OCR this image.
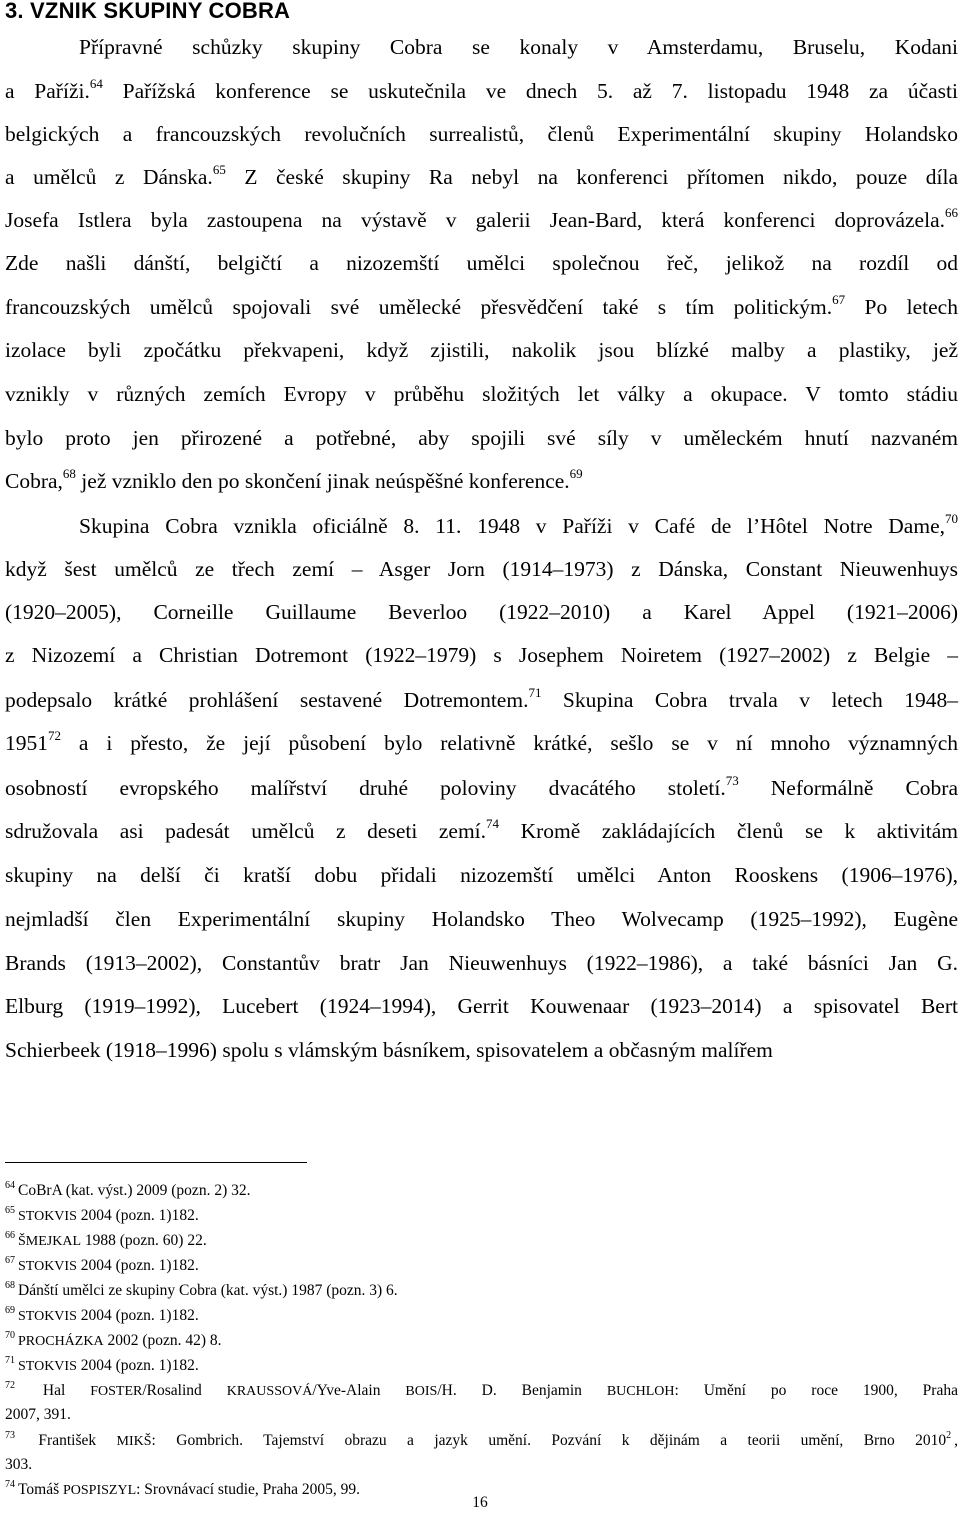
3. VZNIK SKUPINY COBRA
Přípravné schůzky skupiny Cobra se konaly v Amsterdamu, Bruselu, Kodani
a Paříži.$^{64}$ Pařížská konference se uskutečnila ve dnech 5. až 7. listopadu 1948 za účasti
belgických a francouzských revolučních surrealistů, členů Experimentální skupiny Holandsko
a umělců z Dánska.$^{65}$ Z české skupiny Ra nebyl na konferenci přítomen nikdo, pouze díla
Josefa Istlera byla zastoupena na výstavě v galerii Jean-Bard, která konferenci doprovázela.$^{66}$
Zde našli dánští, belgičtí a nizozemští umělci společnou řeč, jelikož na rozdíl od
francouzských umělců spojovali své umělecké přesvědčení také s tím politickým.$^{67}$ Po letech
izolace byli zpočátku překvapeni, když zjistili, nakolik jsou blízké malby a plastiky, jež
vznikly v různých zemích Evropy v průběhu složitých let války a okupace. V tomto stádiu
bylo proto jen přirozené a potřebné, aby spojili své síly v uměleckém hnutí nazvaném
Cobra,$^{68}$ jež vzniklo den po skončení jinak neúspěšné konference.$^{69}$
Skupina Cobra vznikla oficiálně 8. 11. 1948 v Paříži v Café de l’Hôtel Notre Dame,$^{70}$
když šest umělců ze třech zemí – Asger Jorn (1914–1973) z Dánska, Constant Nieuwenhuys
(1920–2005), Corneille Guillaume Beverloo (1922–2010) a Karel Appel (1921–2006)
z Nizozemí a Christian Dotremont (1922–1979) s Josephem Noiretem (1927–2002) z Belgie –
podepsalo krátké prohlášení sestavené Dotremontem.$^{71}$ Skupina Cobra trvala v letech 1948–
1951$^{72}$ a i přesto, že její působení bylo relativně krátké, sešlo se v ní mnoho významných
osobností evropského malířství druhé poloviny dvacátého století.$^{73}$ Neformálně Cobra
sdružovala asi padesát umělců z deseti zemí.$^{74}$ Kromě zakládajících členů se k aktivitám
skupiny na delší či kratší dobu přidali nizozemští umělci Anton Rooskens (1906–1976),
nejmladší člen Experimentální skupiny Holandsko Theo Wolvecamp (1925–1992), Eugène
Brands (1913–2002), Constantův bratr Jan Nieuwenhuys (1922–1986), a také básníci Jan G.
Elburg (1919–1992), Lucebert (1924–1994), Gerrit Kouwenaar (1923–2014) a spisovatel Bert
Schierbeek (1918–1996) spolu s vlámským básníkem, spisovatelem a občasným malířem
$^{64}$ CoBrA (kat. výst.) 2009 (pozn. 2) 32.
$^{65}$ STOKVIS 2004 (pozn. 1)182.
$^{66}$ ŠMEJKAL 1988 (pozn. 60) 22.
$^{67}$ STOKVIS 2004 (pozn. 1)182.
$^{68}$ Dánští umělci ze skupiny Cobra (kat. výst.) 1987 (pozn. 3) 6.
$^{69}$ STOKVIS 2004 (pozn. 1)182.
$^{70}$ PROCHÁZKA 2002 (pozn. 42) 8.
$^{71}$ STOKVIS 2004 (pozn. 1)182.
$^{72}$ Hal FOSTER/Rosalind KRAUSSOVÁ/Yve-Alain BOIS/H. D. Benjamin BUCHLOH: Umění po roce 1900, Praha
2007, 391.
$^{73}$ František MIKŠ: Gombrich. Tajemství obrazu a jazyk umění. Pozvání k dějinám a teorii umění, Brno 2010$^2$ ,
303.
$^{74}$ Tomáš POSPISZYL: Srovnávací studie, Praha 2005, 99.
16
